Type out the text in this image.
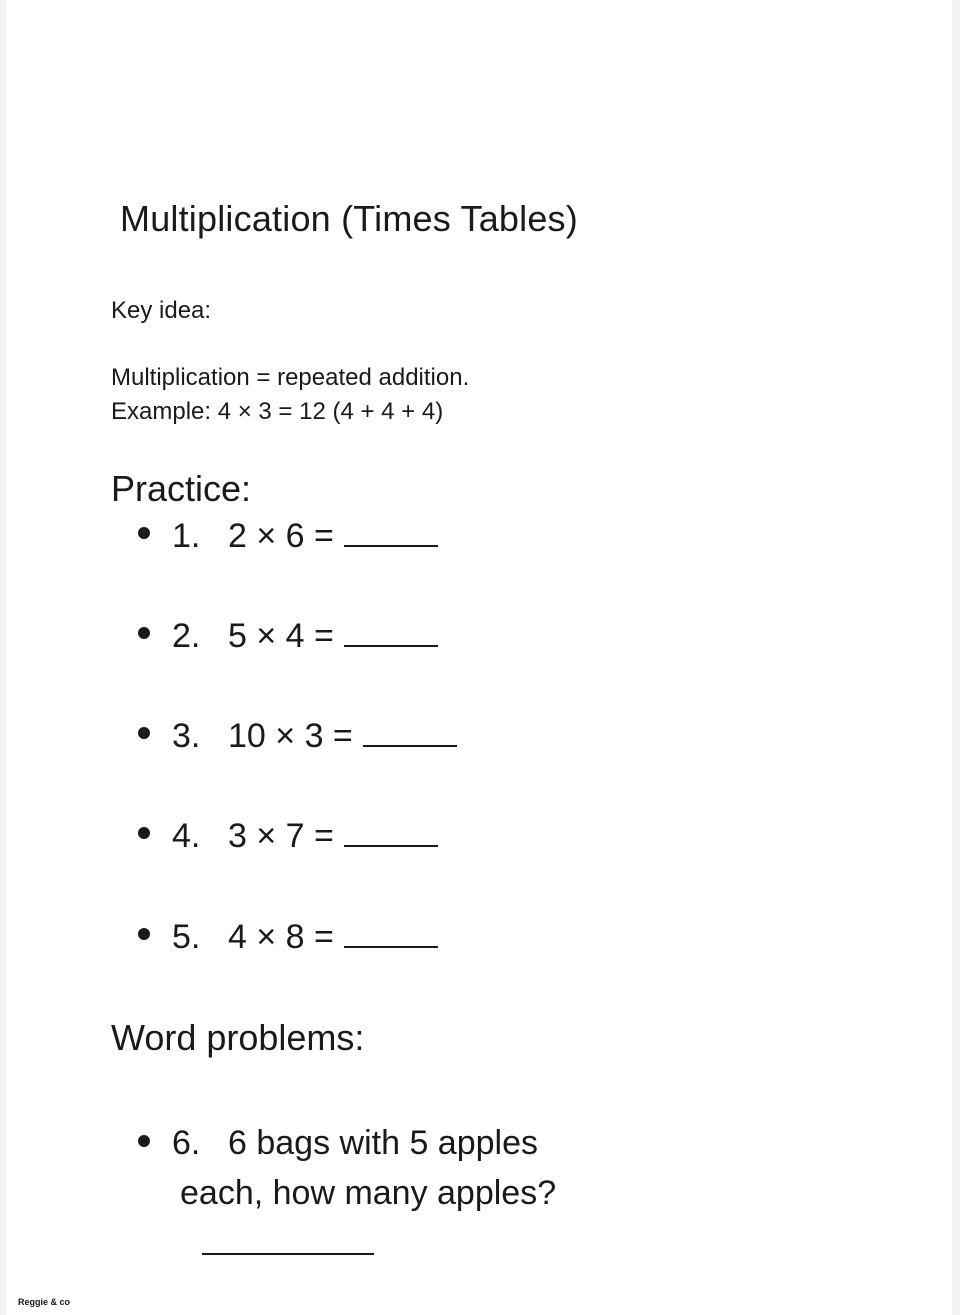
Multiplication (Times Tables)
Key idea:
Multiplication = repeated addition.
Example: 4 × 3 = 12 (4 + 4 + 4)
Practice:
1. 2 × 6 =
2. 5 × 4 =
3. 10 × 3 =
4. 3 × 7 =
5. 4 × 8 =
Word problems:
6. 6 bags with 5 apples
each, how many apples?
Reggie & co
